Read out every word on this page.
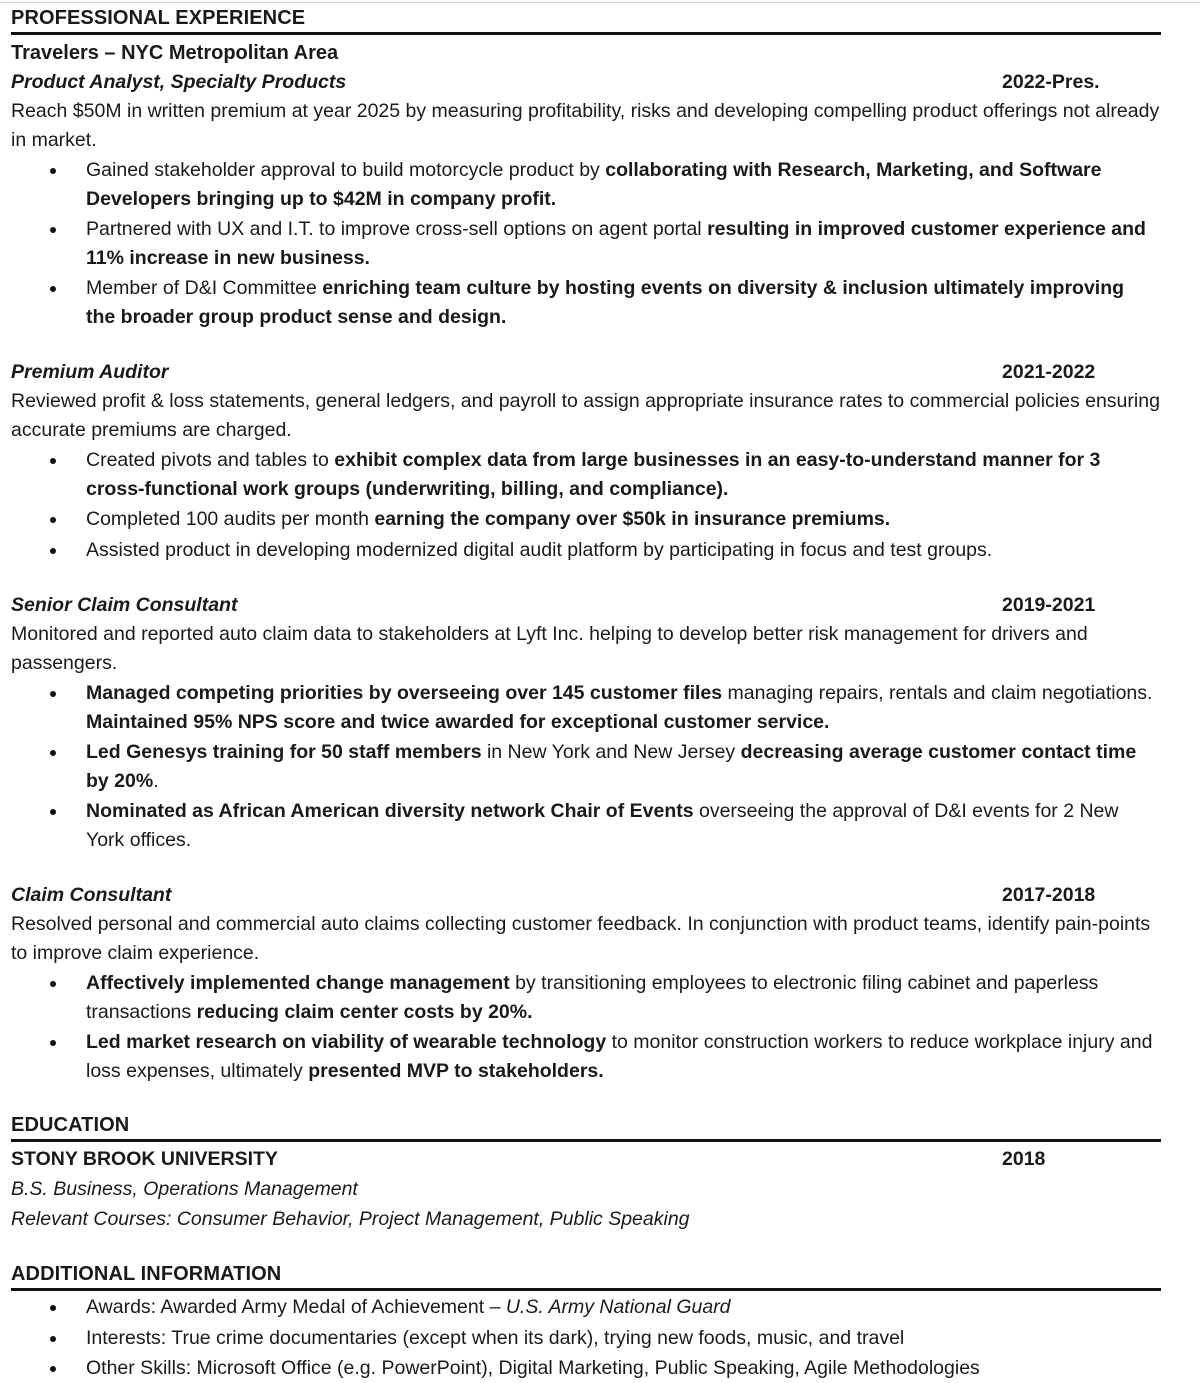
PROFESSIONAL EXPERIENCE
Travelers – NYC Metropolitan Area
Product Analyst, Specialty Products	2022-Pres.

Reach $50M in written premium at year 2025 by measuring profitability, risks and developing compelling product offerings not already in market.

Gained stakeholder approval to build motorcycle product by collaborating with Research, Marketing, and Software Developers bringing up to $42M in company profit.
Partnered with UX and I.T. to improve cross-sell options on agent portal resulting in improved customer experience and 11% increase in new business.
Member of D&I Committee enriching team culture by hosting events on diversity & inclusion ultimately improving the broader group product sense and design.
Premium Auditor	2021-2022

Reviewed profit & loss statements, general ledgers, and payroll to assign appropriate insurance rates to commercial policies ensuring accurate premiums are charged.

Created pivots and tables to exhibit complex data from large businesses in an easy-to-understand manner for 3 cross-functional work groups (underwriting, billing, and compliance).
Completed 100 audits per month earning the company over $50k in insurance premiums.
Assisted product in developing modernized digital audit platform by participating in focus and test groups.
Senior Claim Consultant	2019-2021

Monitored and reported auto claim data to stakeholders at Lyft Inc. helping to develop better risk management for drivers and passengers.

Managed competing priorities by overseeing over 145 customer files managing repairs, rentals and claim negotiations. Maintained 95% NPS score and twice awarded for exceptional customer service.
Led Genesys training for 50 staff members in New York and New Jersey decreasing average customer contact time by 20%.
Nominated as African American diversity network Chair of Events overseeing the approval of D&I events for 2 New York offices.
Claim Consultant	2017-2018

Resolved personal and commercial auto claims collecting customer feedback. In conjunction with product teams, identify pain-points to improve claim experience.

Affectively implemented change management by transitioning employees to electronic filing cabinet and paperless transactions reducing claim center costs by 20%.
Led market research on viability of wearable technology to monitor construction workers to reduce workplace injury and loss expenses, ultimately presented MVP to stakeholders.
EDUCATION
STONY BROOK UNIVERSITY	2018
B.S. Business, Operations Management
Relevant Courses: Consumer Behavior, Project Management, Public Speaking
ADDITIONAL INFORMATION
Awards: Awarded Army Medal of Achievement – U.S. Army National Guard
Interests: True crime documentaries (except when its dark), trying new foods, music, and travel
Other Skills: Microsoft Office (e.g. PowerPoint), Digital Marketing, Public Speaking, Agile Methodologies
